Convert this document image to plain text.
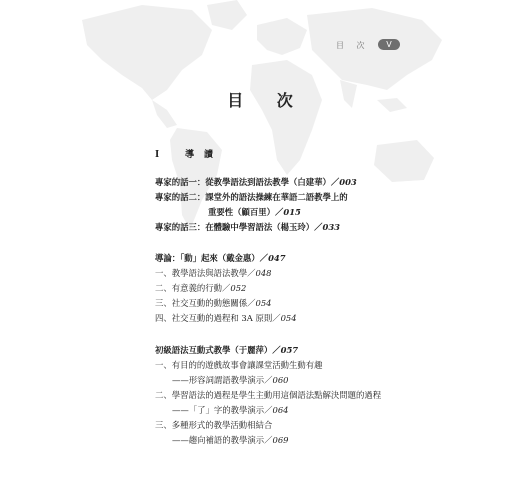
目 次	V
目 次
I	導讀
專家的話一：從教學語法到語法教學（白建華）／003
專家的話二：課堂外的語法操練在華語二語教學上的
重要性（顧百里）／015
專家的話三：在體驗中學習語法（楊玉玲）／033
導論：「動」起來（戴金惠）／047
一、教學語法與語法教學／048
二、有意義的行動／052
三、社交互動的動態關係／054
四、社交互動的過程和 3A 原則／054
初級語法互動式教學（于麗萍）／057
一、有目的的遊戲故事會讓課堂活動生動有趣
——形容詞謂語教學演示／060
二、學習語法的過程是學生主動用這個語法點解決問題的過程
——「了」字的教學演示／064
三、多種形式的教學活動相結合
——趨向補語的教學演示／069
